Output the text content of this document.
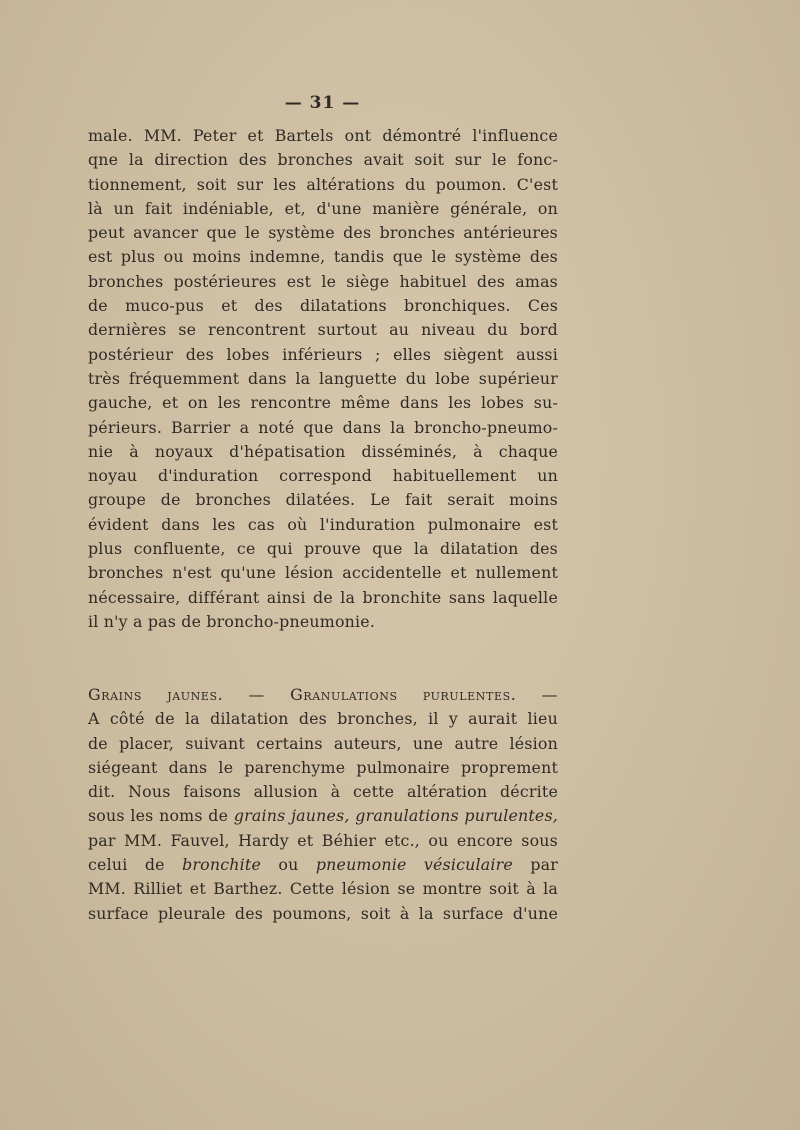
— 31 —
male. MM. Peter et Bartels ont démontré l'influence
qne la direction des bronches avait soit sur le fonc-
tionnement, soit sur les altérations du poumon. C'est
là un fait indéniable, et, d'une manière générale, on
peut avancer que le système des bronches antérieures
est plus ou moins indemne, tandis que le système des
bronches postérieures est le siège habituel des amas
de muco-pus et des dilatations bronchiques. Ces
dernières se rencontrent surtout au niveau du bord
postérieur des lobes inférieurs ; elles siègent aussi
très fréquemment dans la languette du lobe supérieur
gauche, et on les rencontre même dans les lobes su-
périeurs. Barrier a noté que dans la broncho-pneumo-
nie à noyaux d'hépatisation disséminés, à chaque
noyau d'induration correspond habituellement un
groupe de bronches dilatées. Le fait serait moins
évident dans les cas où l'induration pulmonaire est
plus confluente, ce qui prouve que la dilatation des
bronches n'est qu'une lésion accidentelle et nullement
nécessaire, différant ainsi de la bronchite sans laquelle
il n'y a pas de broncho-pneumonie.
Grains jaunes. — Granulations purulentes. —
A côté de la dilatation des bronches, il y aurait lieu
de placer, suivant certains auteurs, une autre lésion
siégeant dans le parenchyme pulmonaire proprement
dit. Nous faisons allusion à cette altération décrite
sous les noms de grains jaunes, granulations purulentes,
par MM. Fauvel, Hardy et Béhier etc., ou encore sous
celui de bronchite ou pneumonie vésiculaire par
MM. Rilliet et Barthez. Cette lésion se montre soit à la
surface pleurale des poumons, soit à la surface d'une
